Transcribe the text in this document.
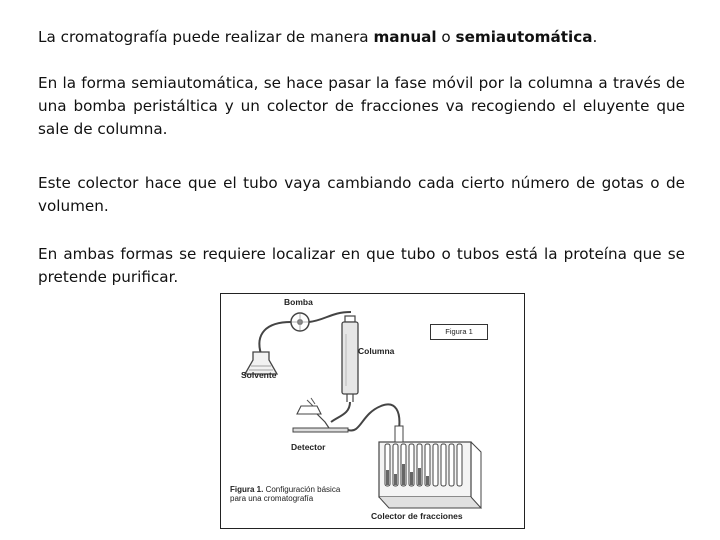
La cromatografía puede realizar de manera manual o semiautomática.
En la forma semiautomática, se hace pasar la fase móvil por la columna a través de una bomba peristáltica y un colector de fracciones va recogiendo el eluyente que sale de columna.
Este colector hace que el tubo vaya cambiando cada cierto número de gotas o de volumen.
En ambas formas se requiere localizar en que tubo o tubos está la proteína que se pretende purificar.
Bomba
Columna
Solvente
Detector
Colector de fracciones
Figura 1
Figura 1. Configuración básica para una cromatografía
